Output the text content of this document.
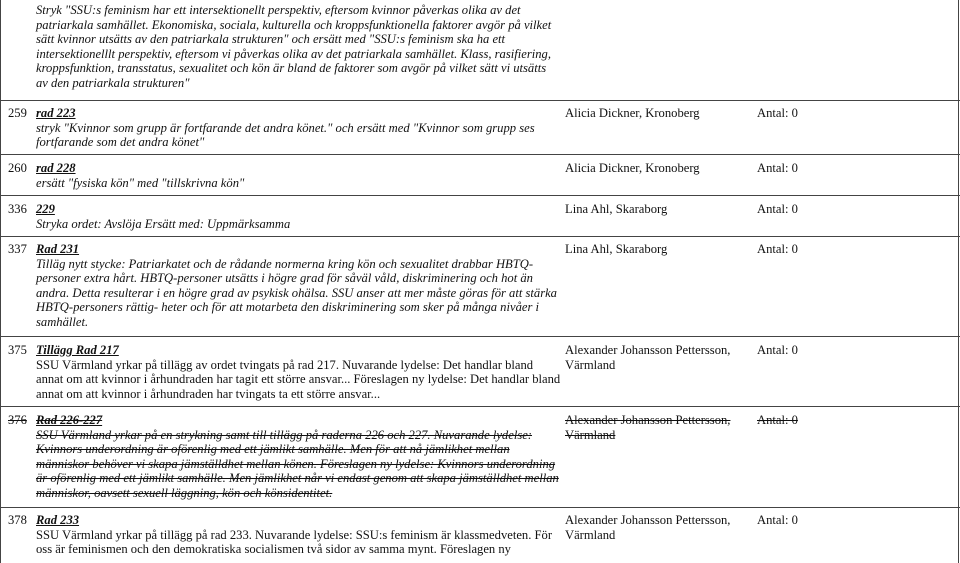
Stryk "SSU:s feminism har ett intersektionellt perspektiv, eftersom kvinnor påverkas olika av det patriarkala samhället. Ekonomiska, sociala, kulturella och kroppsfunktionella faktorer avgör på vilket sätt kvinnor utsätts av den patriarkala strukturen" och ersätt med "SSU:s feminism ska ha ett intersektionelllt perspektiv, eftersom vi påverkas olika av det patriarkala samhället. Klass, rasifiering, kroppsfunktion, transstatus, sexualitet och kön är bland de faktorer som avgör på vilket sätt vi utsätts av den patriarkala strukturen"
259 rad 223
stryk "Kvinnor som grupp är fortfarande det andra könet." och ersätt med "Kvinnor som grupp ses fortfarande som det andra könet"
Alicia Dickner, Kronoberg	Antal: 0
260 rad 228
ersätt "fysiska kön" med "tillskrivna kön"
Alicia Dickner, Kronoberg	Antal: 0
336 229
Stryka ordet: Avslöja Ersätt med: Uppmärksamma
Lina Ahl, Skaraborg	Antal: 0
337 Rad 231
Tilläg nytt stycke: Patriarkatet och de rådande normerna kring kön och sexualitet drabbar HBTQ-personer extra hårt. HBTQ-personer utsätts i högre grad för såväl våld, diskriminering och hot än andra. Detta resulterar i en högre grad av psykisk ohälsa. SSU anser att mer måste göras för att stärka HBTQ-personers rättig- heter och för att motarbeta den diskriminering som sker på många nivåer i samhället.
Lina Ahl, Skaraborg	Antal: 0
375 Tillägg Rad 217
SSU Värmland yrkar på tillägg av ordet tvingats på rad 217. Nuvarande lydelse: Det handlar bland annat om att kvinnor i århundraden har tagit ett större ansvar... Föreslagen ny lydelse: Det handlar bland annat om att kvinnor i århundraden har tvingats ta ett större ansvar...
Alexander Johansson Pettersson, Värmland
Antal: 0
376 Rad 226-227
SSU Värmland yrkar på en strykning samt till tillägg på raderna 226 och 227. Nuvarande lydelse: Kvinnors underordning är oförenlig med ett jämlikt samhälle. Men för att nå jämlikhet mellan människor behöver vi skapa jämställdhet mellan könen. Föreslagen ny lydelse: Kvinnors underordning är oförenlig med ett jämlikt samhälle. Men jämlikhet når vi endast genom att skapa jämställdhet mellan människor, oavsett sexuell läggning, kön och könsidentitet.
Alexander Johansson Pettersson, Värmland
Antal: 0
378 Rad 233
SSU Värmland yrkar på tillägg på rad 233. Nuvarande lydelse: SSU:s feminism är klassmedveten. För oss är feminismen och den demokratiska socialismen två sidor av samma mynt. Föreslagen ny
Alexander Johansson Pettersson, Värmland
Antal: 0
